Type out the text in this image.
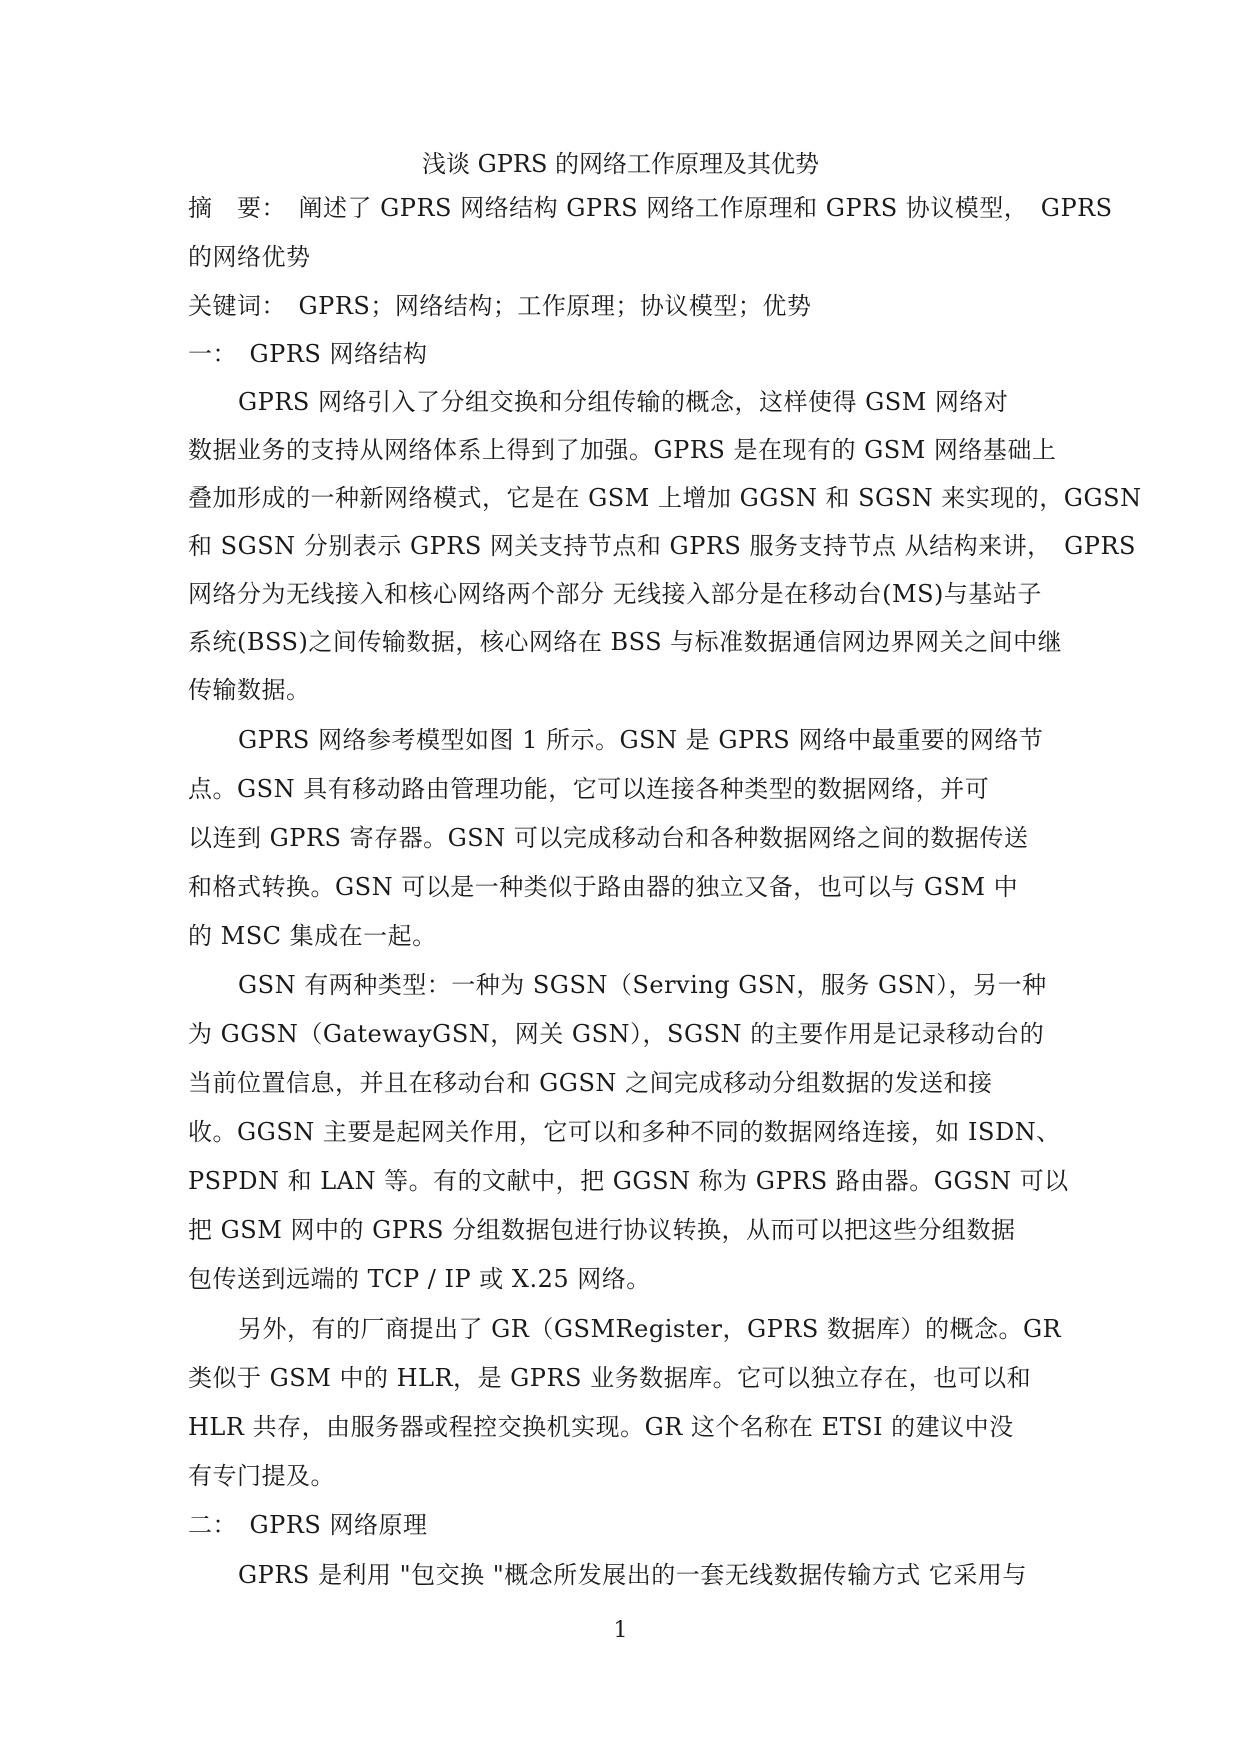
浅谈 GPRS 的网络工作原理及其优势
摘　要：　阐述了 GPRS 网络结构 GPRS 网络工作原理和 GPRS 协议模型，　GPRS
的网络优势
关键词：　GPRS；网络结构；工作原理；协议模型；优势
一：　GPRS 网络结构
GPRS 网络引入了分组交换和分组传输的概念，这样使得 GSM 网络对
数据业务的支持从网络体系上得到了加强。GPRS 是在现有的 GSM 网络基础上
叠加形成的一种新网络模式，它是在 GSM 上增加 GGSN 和 SGSN 来实现的，GGSN
和 SGSN 分别表示 GPRS 网关支持节点和 GPRS 服务支持节点 从结构来讲，　GPRS
网络分为无线接入和核心网络两个部分 无线接入部分是在移动台(MS)与基站子
系统(BSS)之间传输数据，核心网络在 BSS 与标准数据通信网边界网关之间中继
传输数据。
GPRS 网络参考模型如图 1 所示。GSN 是 GPRS 网络中最重要的网络节
点。GSN 具有移动路由管理功能，它可以连接各种类型的数据网络，并可
以连到 GPRS 寄存器。GSN 可以完成移动台和各种数据网络之间的数据传送
和格式转换。GSN 可以是一种类似于路由器的独立又备，也可以与 GSM 中
的 MSC 集成在一起。
GSN 有两种类型：一种为 SGSN（Serving GSN，服务 GSN），另一种
为 GGSN（GatewayGSN，网关 GSN），SGSN 的主要作用是记录移动台的
当前位置信息，并且在移动台和 GGSN 之间完成移动分组数据的发送和接
收。GGSN 主要是起网关作用，它可以和多种不同的数据网络连接，如 ISDN、
PSPDN 和 LAN 等。有的文献中，把 GGSN 称为 GPRS 路由器。GGSN 可以
把 GSM 网中的 GPRS 分组数据包进行协议转换，从而可以把这些分组数据
包传送到远端的 TCP / IP 或 X.25 网络。
另外，有的厂商提出了 GR（GSMRegister，GPRS 数据库）的概念。GR
类似于 GSM 中的 HLR，是 GPRS 业务数据库。它可以独立存在，也可以和
HLR 共存，由服务器或程控交换机实现。GR 这个名称在 ETSI 的建议中没
有专门提及。
二：　GPRS 网络原理
GPRS 是利用 "包交换 "概念所发展出的一套无线数据传输方式 它采用与
1
